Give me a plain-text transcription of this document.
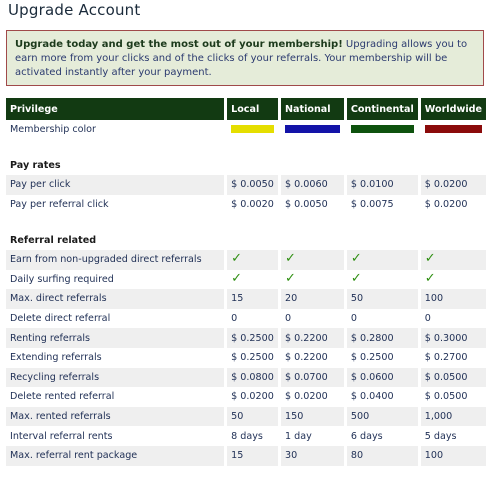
Upgrade Account
Upgrade today and get the most out of your membership! Upgrading allows you to earn more from your clicks and of the clicks of your referrals. Your membership will be activated instantly after your payment.
Privilege	Local	National	Continental	Worldwide
Membership color				

Pay rates				
Pay per click	$ 0.0050	$ 0.0060	$ 0.0100	$ 0.0200
Pay per referral click	$ 0.0020	$ 0.0050	$ 0.0075	$ 0.0200

Referral related				
Earn from non-upgraded direct referrals	✓	✓	✓	✓
Daily surfing required	✓	✓	✓	✓
Max. direct referrals	15	20	50	100
Delete direct referral	0	0	0	0
Renting referrals	$ 0.2500	$ 0.2200	$ 0.2800	$ 0.3000
Extending referrals	$ 0.2500	$ 0.2200	$ 0.2500	$ 0.2700
Recycling referrals	$ 0.0800	$ 0.0700	$ 0.0600	$ 0.0500
Delete rented referral	$ 0.0200	$ 0.0200	$ 0.0400	$ 0.0500
Max. rented referrals	50	150	500	1,000
Interval referral rents	8 days	1 day	6 days	5 days
Max. referral rent package	15	30	80	100
